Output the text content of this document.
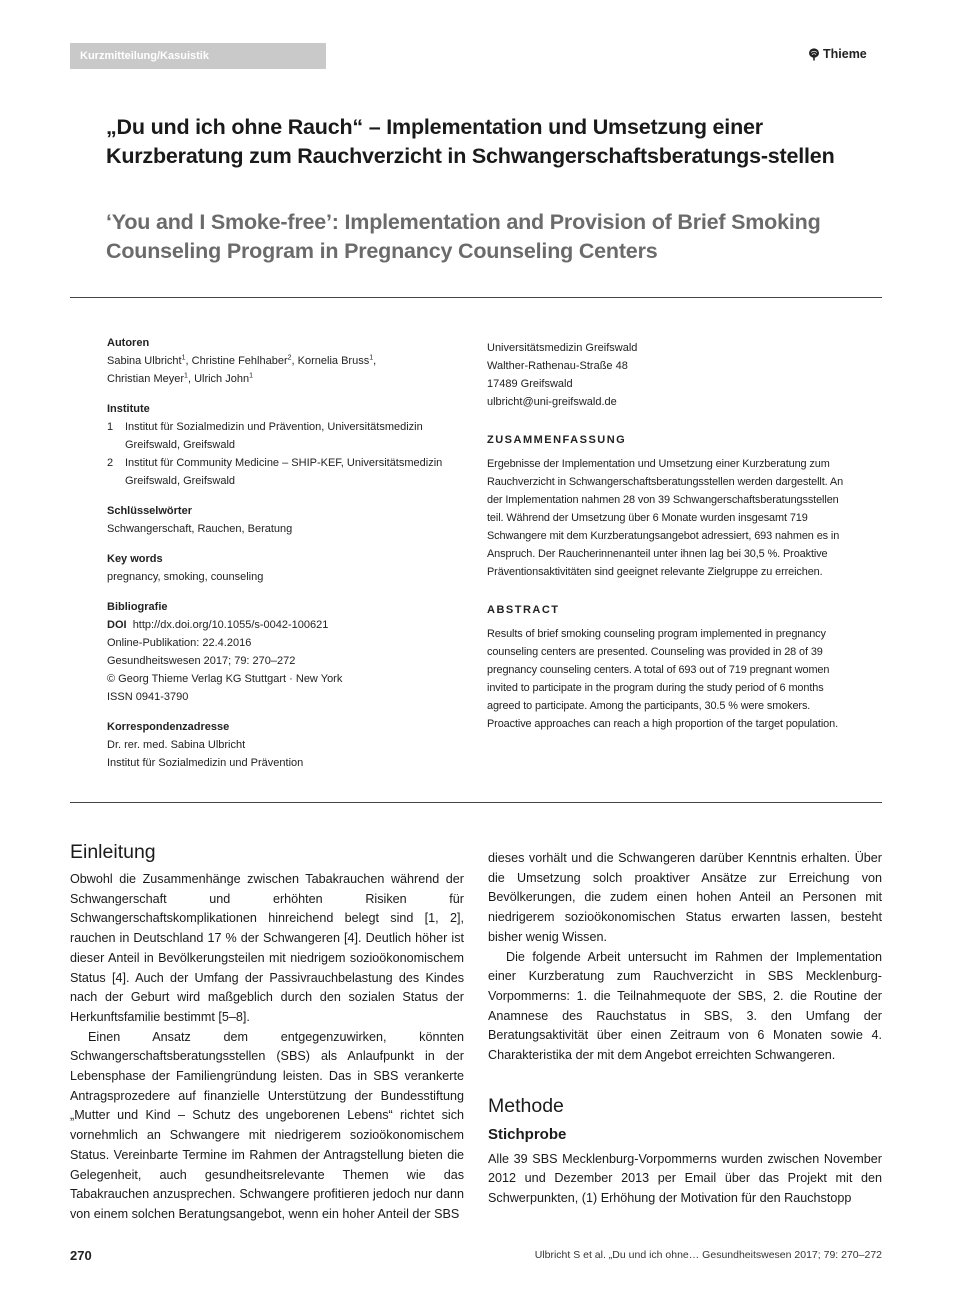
Kurzmitteilung/Kasuistik	Thieme
„Du und ich ohne Rauch“ – Implementation und Umsetzung einer Kurzberatung zum Rauchverzicht in Schwangerschaftsberatungs-stellen
‘You and I Smoke-free’: Implementation and Provision of Brief Smoking Counseling Program in Pregnancy Counseling Centers
Autoren
Sabina Ulbricht$^1$, Christine Fehlhaber$^2$, Kornelia Bruss$^1$,
Christian Meyer$^1$, Ulrich John$^1$
Institute
1	Institut für Sozialmedizin und Prävention, Universitätsmedizin Greifswald, Greifswald
2	Institut für Community Medicine – SHIP-KEF, Universitätsmedizin Greifswald, Greifswald
Schlüsselwörter
Schwangerschaft, Rauchen, Beratung
Key words
pregnancy, smoking, counseling
Bibliografie
DOI http://dx.doi.org/10.1055/s-0042-100621
Online-Publikation: 22.4.2016
Gesundheitswesen 2017; 79: 270–272
© Georg Thieme Verlag KG Stuttgart · New York
ISSN 0941-3790
Korrespondenzadresse
Dr. rer. med. Sabina Ulbricht
Institut für Sozialmedizin und Prävention
Universitätsmedizin Greifswald
Walther-Rathenau-Straße 48
17489 Greifswald
ulbricht@uni-greifswald.de
ZUSAMMENFASSUNG
Ergebnisse der Implementation und Umsetzung einer Kurzberatung zum Rauchverzicht in Schwangerschaftsberatungsstellen werden dargestellt. An der Implementation nahmen 28 von 39 Schwangerschaftsberatungsstellen teil. Während der Umsetzung über 6 Monate wurden insgesamt 719 Schwangere mit dem Kurzberatungsangebot adressiert, 693 nahmen es in Anspruch. Der Raucherinnenanteil unter ihnen lag bei 30,5 %. Proaktive Präventionsaktivitäten sind geeignet relevante Zielgruppe zu erreichen.
ABSTRACT
Results of brief smoking counseling program implemented in pregnancy counseling centers are presented. Counseling was provided in 28 of 39 pregnancy counseling centers. A total of 693 out of 719 pregnant women invited to participate in the program during the study period of 6 months agreed to participate. Among the participants, 30.5 % were smokers. Proactive approaches can reach a high proportion of the target population.
Einleitung

Obwohl die Zusammenhänge zwischen Tabakrauchen während der Schwangerschaft und erhöhten Risiken für Schwangerschaftskomplikationen hinreichend belegt sind [1, 2], rauchen in Deutschland 17 % der Schwangeren [4]. Deutlich höher ist dieser Anteil in Bevölkerungsteilen mit niedrigem sozioökonomischem Status [4]. Auch der Umfang der Passivrauchbelastung des Kindes nach der Geburt wird maßgeblich durch den sozialen Status der Herkunftsfamilie bestimmt [5–8].

Einen Ansatz dem entgegenzuwirken, könnten Schwangerschaftsberatungsstellen (SBS) als Anlaufpunkt in der Lebensphase der Familiengründung leisten. Das in SBS verankerte Antragsprozedere auf finanzielle Unterstützung der Bundesstiftung „Mutter und Kind – Schutz des ungeborenen Lebens“ richtet sich vornehmlich an Schwangere mit niedrigerem sozioökonomischem Status. Vereinbarte Termine im Rahmen der Antragstellung bieten die Gelegenheit, auch gesundheitsrelevante Themen wie das Tabakrauchen anzusprechen. Schwangere profitieren jedoch nur dann von einem solchen Beratungsangebot, wenn ein hoher Anteil der SBS

dieses vorhält und die Schwangeren darüber Kenntnis erhalten. Über die Umsetzung solch proaktiver Ansätze zur Erreichung von Bevölkerungen, die zudem einen hohen Anteil an Personen mit niedrigerem sozioökonomischen Status erwarten lassen, besteht bisher wenig Wissen.

Die folgende Arbeit untersucht im Rahmen der Implementation einer Kurzberatung zum Rauchverzicht in SBS Mecklenburg-Vorpommerns: 1. die Teilnahmequote der SBS, 2. die Routine der Anamnese des Rauchstatus in SBS, 3. den Umfang der Beratungsaktivität über einen Zeitraum von 6 Monaten sowie 4. Charakteristika der mit dem Angebot erreichten Schwangeren.

Methode
Stichprobe

Alle 39 SBS Mecklenburg-Vorpommerns wurden zwischen November 2012 und Dezember 2013 per Email über das Projekt mit den Schwerpunkten, (1) Erhöhung der Motivation für den Rauchstopp

270	Ulbricht S et al. „Du und ich ohne… Gesundheitswesen 2017; 79: 270–272
